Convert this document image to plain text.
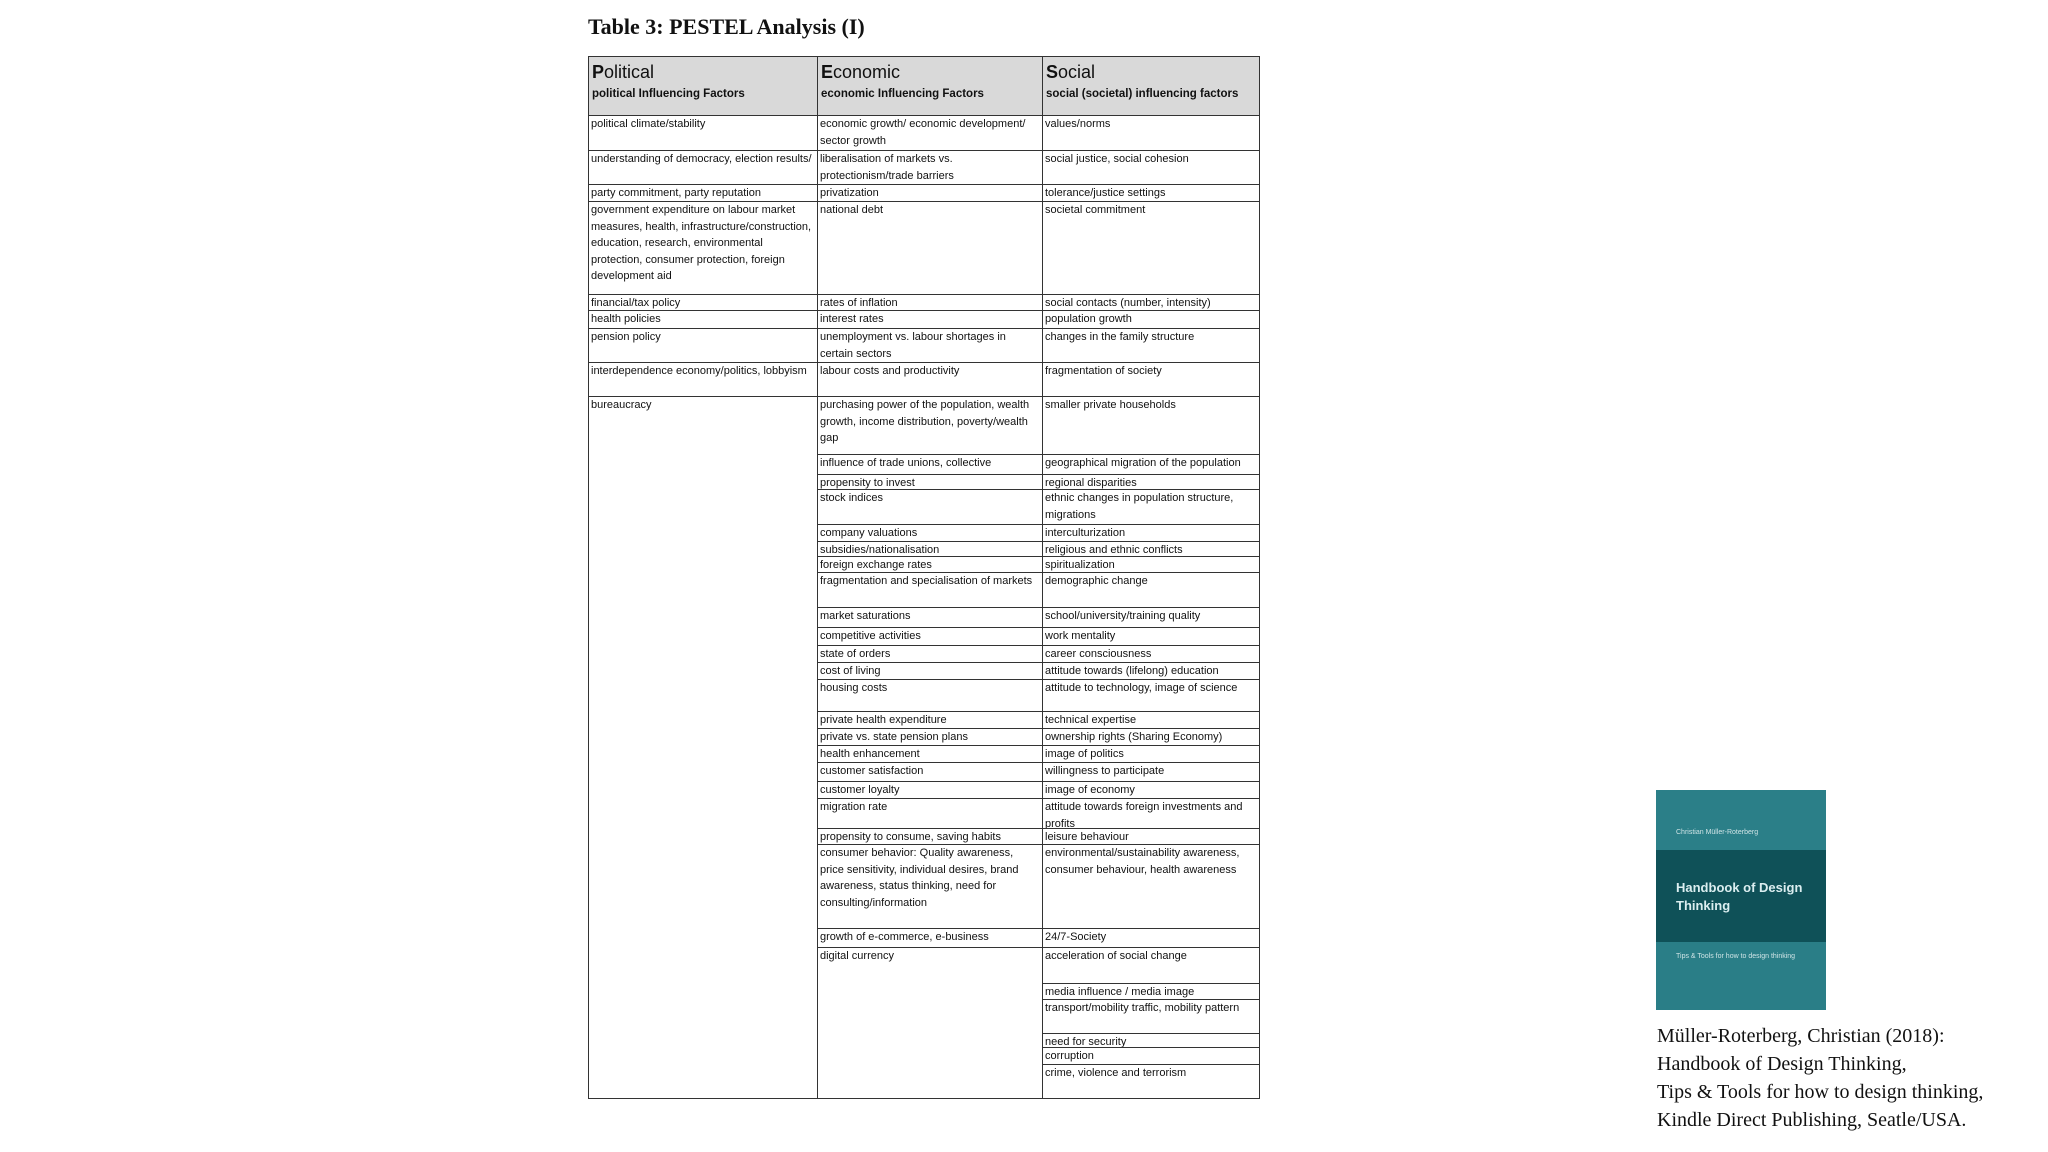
Table 3: PESTEL Analysis (I)
Political
political Influencing Factors
Economic
economic Influencing Factors
Social
social (societal) influencing factors
political climate/stability
understanding of democracy, election results/
party commitment, party reputation
government expenditure on labour market measures, health, infrastructure/construction, education, research, environmental protection, consumer protection, foreign development aid
financial/tax policy
health policies
pension policy
interdependence economy/politics, lobbyism
bureaucracy
economic growth/ economic development/ sector growth
liberalisation of markets vs. protectionism/trade barriers
privatization
national debt
rates of inflation
interest rates
unemployment vs. labour shortages in certain sectors
labour costs and productivity
purchasing power of the population, wealth growth, income distribution, poverty/wealth gap
influence of trade unions, collective
propensity to invest
stock indices
company valuations
subsidies/nationalisation
foreign exchange rates
fragmentation and specialisation of markets
market saturations
competitive activities
state of orders
cost of living
housing costs
private health expenditure
private vs. state pension plans
health enhancement
customer satisfaction
customer loyalty
migration rate
propensity to consume, saving habits
consumer behavior: Quality awareness, price sensitivity, individual desires, brand awareness, status thinking, need for consulting/information
growth of e-commerce, e-business
digital currency
values/norms
social justice, social cohesion
tolerance/justice settings
societal commitment
social contacts (number, intensity)
population growth
changes in the family structure
fragmentation of society
smaller private households
geographical migration of the population
regional disparities
ethnic changes in population structure, migrations
interculturization
religious and ethnic conflicts
spiritualization
demographic change
school/university/training quality
work mentality
career consciousness
attitude towards (lifelong) education
attitude to technology, image of science
technical expertise
ownership rights (Sharing Economy)
image of politics
willingness to participate
image of economy
attitude towards foreign investments and profits
leisure behaviour
environmental/sustainability awareness, consumer behaviour, health awareness
24/7-Society
acceleration of social change
media influence / media image
transport/mobility traffic, mobility pattern
need for security
corruption
crime, violence and terrorism
Christian Müller-Roterberg
Handbook of Design Thinking
Tips & Tools for how to design thinking
Müller-Roterberg, Christian (2018):
Handbook of Design Thinking,
Tips & Tools for how to design thinking,
Kindle Direct Publishing, Seatle/USA.
